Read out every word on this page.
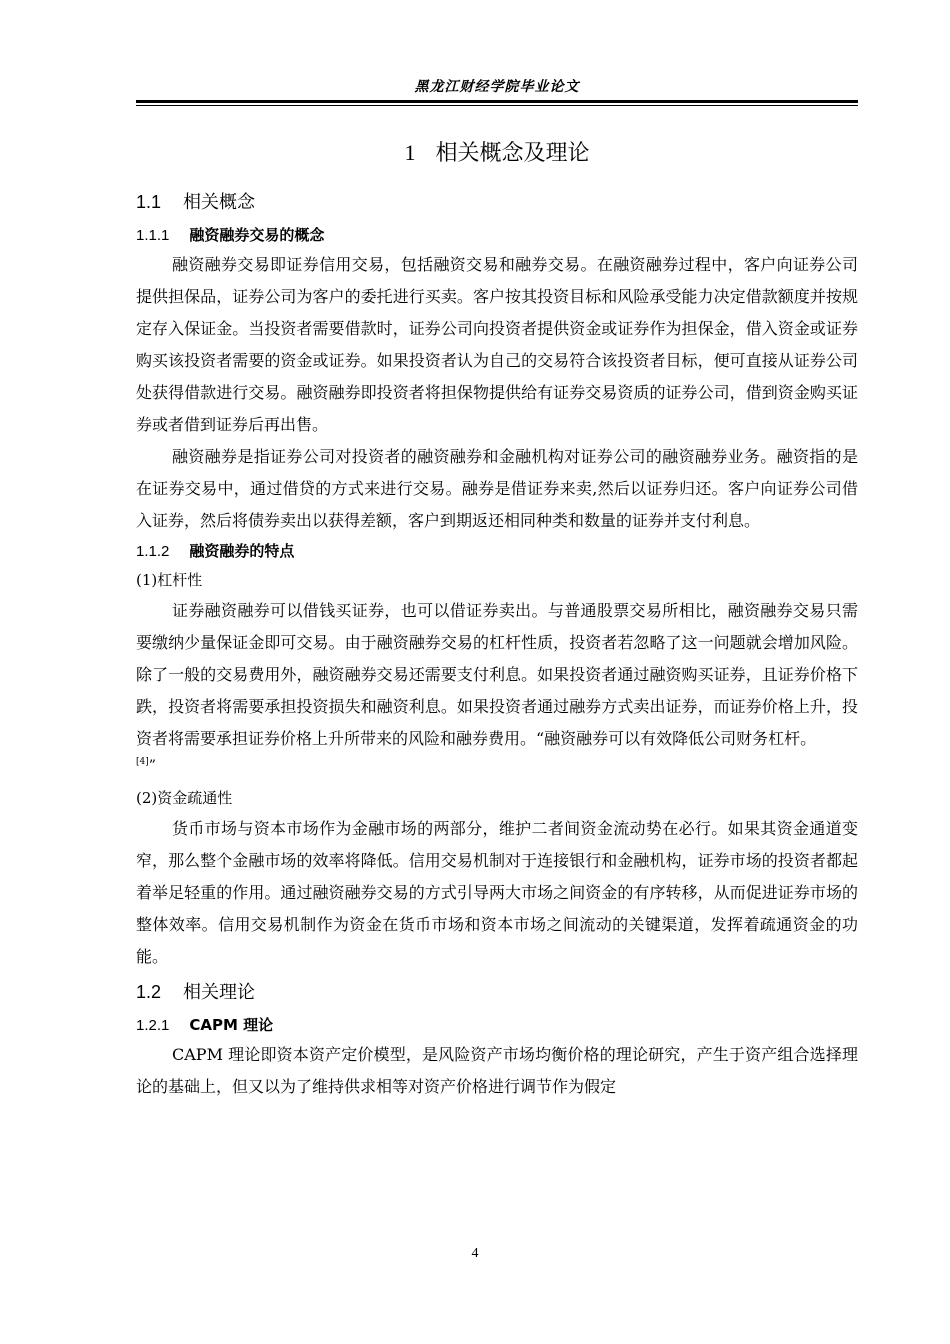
黑龙江财经学院毕业论文
1 相关概念及理论
1.1 相关概念
1.1.1 融资融券交易的概念

融资融券交易即证券信用交易，包括融资交易和融券交易。在融资融券过程中，客户向证券公司提供担保品，证券公司为客户的委托进行买卖。客户按其投资目标和风险承受能力决定借款额度并按规定存入保证金。当投资者需要借款时，证券公司向投资者提供资金或证券作为担保金，借入资金或证券购买该投资者需要的资金或证券。如果投资者认为自己的交易符合该投资者目标，便可直接从证券公司处获得借款进行交易。融资融券即投资者将担保物提供给有证券交易资质的证券公司，借到资金购买证券或者借到证券后再出售。

融资融券是指证券公司对投资者的融资融券和金融机构对证券公司的融资融券业务。融资指的是在证券交易中，通过借贷的方式来进行交易。融券是借证券来卖,然后以证券归还。客户向证券公司借入证券，然后将债券卖出以获得差额，客户到期返还相同种类和数量的证券并支付利息。

1.1.2 融资融券的特点

(1)杠杆性

证券融资融券可以借钱买证券，也可以借证券卖出。与普通股票交易所相比，融资融券交易只需要缴纳少量保证金即可交易。由于融资融券交易的杠杆性质，投资者若忽略了这一问题就会增加风险。除了一般的交易费用外，融资融券交易还需要支付利息。如果投资者通过融资购买证券，且证券价格下跌，投资者将需要承担投资损失和融资利息。如果投资者通过融券方式卖出证券，而证券价格上升，投资者将需要承担证券价格上升所带来的风险和融券费用。“融资融券可以有效降低公司财务杠杆。

[4]”

(2)资金疏通性

货币市场与资本市场作为金融市场的两部分，维护二者间资金流动势在必行。如果其资金通道变窄，那么整个金融市场的效率将降低。信用交易机制对于连接银行和金融机构，证券市场的投资者都起着举足轻重的作用。通过融资融券交易的方式引导两大市场之间资金的有序转移，从而促进证券市场的整体效率。信用交易机制作为资金在货币市场和资本市场之间流动的关键渠道，发挥着疏通资金的功能。

1.2 相关理论
1.2.1 CAPM 理论

CAPM 理论即资本资产定价模型，是风险资产市场均衡价格的理论研究，产生于资产组合选择理论的基础上，但又以为了维持供求相等对资产价格进行调节作为假定

4
